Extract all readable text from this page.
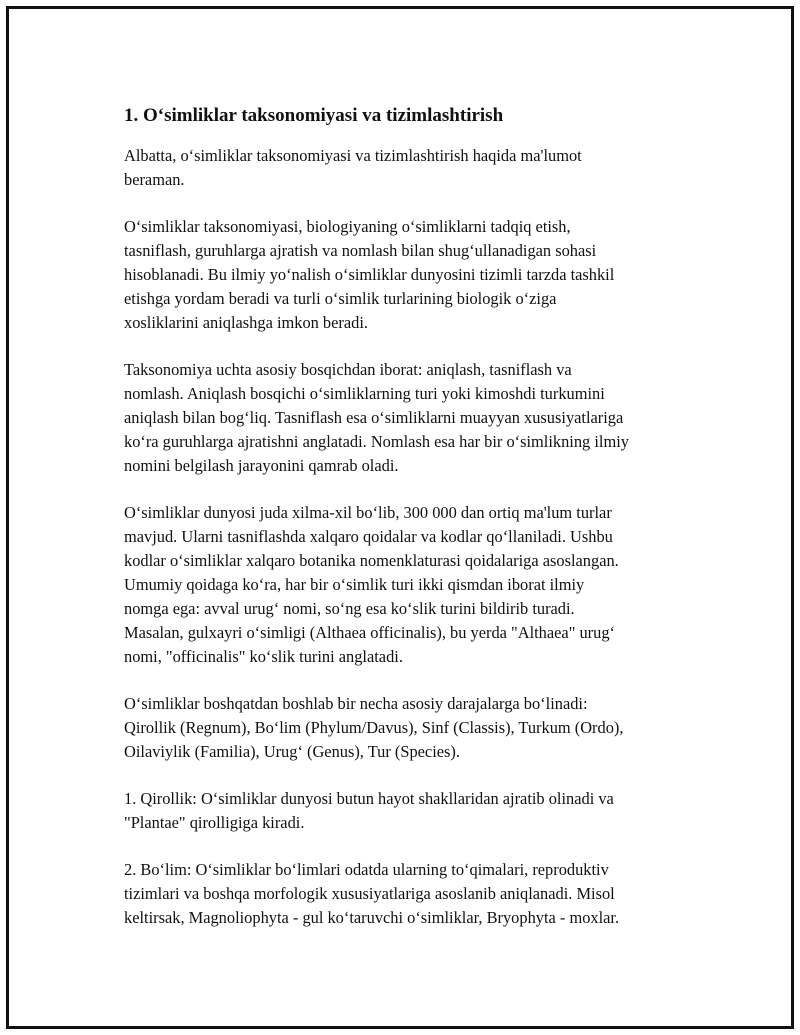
1. O‘simliklar taksonomiyasi va tizimlashtirish

Albatta, o‘simliklar taksonomiyasi va tizimlashtirish haqida ma'lumot
beraman.

O‘simliklar taksonomiyasi, biologiyaning o‘simliklarni tadqiq etish,
tasniflash, guruhlarga ajratish va nomlash bilan shug‘ullanadigan sohasi
hisoblanadi. Bu ilmiy yo‘nalish o‘simliklar dunyosini tizimli tarzda tashkil
etishga yordam beradi va turli o‘simlik turlarining biologik o‘ziga
xosliklarini aniqlashga imkon beradi.

Taksonomiya uchta asosiy bosqichdan iborat: aniqlash, tasniflash va
nomlash. Aniqlash bosqichi o‘simliklarning turi yoki kimoshdi turkumini
aniqlash bilan bog‘liq. Tasniflash esa o‘simliklarni muayyan xususiyatlariga
ko‘ra guruhlarga ajratishni anglatadi. Nomlash esa har bir o‘simlikning ilmiy
nomini belgilash jarayonini qamrab oladi.

O‘simliklar dunyosi juda xilma-xil bo‘lib, 300 000 dan ortiq ma'lum turlar
mavjud. Ularni tasniflashda xalqaro qoidalar va kodlar qo‘llaniladi. Ushbu
kodlar o‘simliklar xalqaro botanika nomenklaturasi qoidalariga asoslangan.
Umumiy qoidaga ko‘ra, har bir o‘simlik turi ikki qismdan iborat ilmiy
nomga ega: avval urug‘ nomi, so‘ng esa ko‘slik turini bildirib turadi.
Masalan, gulxayri o‘simligi (Althaea officinalis), bu yerda "Althaea" urug‘
nomi, "officinalis" ko‘slik turini anglatadi.

O‘simliklar boshqatdan boshlab bir necha asosiy darajalarga bo‘linadi:
Qirollik (Regnum), Bo‘lim (Phylum/Davus), Sinf (Classis), Turkum (Ordo),
Oilaviylik (Familia), Urug‘ (Genus), Tur (Species).

1. Qirollik: O‘simliklar dunyosi butun hayot shakllaridan ajratib olinadi va
"Plantae" qirolligiga kiradi.

2. Bo‘lim: O‘simliklar bo‘limlari odatda ularning to‘qimalari, reproduktiv
tizimlari va boshqa morfologik xususiyatlariga asoslanib aniqlanadi. Misol
keltirsak, Magnoliophyta - gul ko‘taruvchi o‘simliklar, Bryophyta - moxlar.
